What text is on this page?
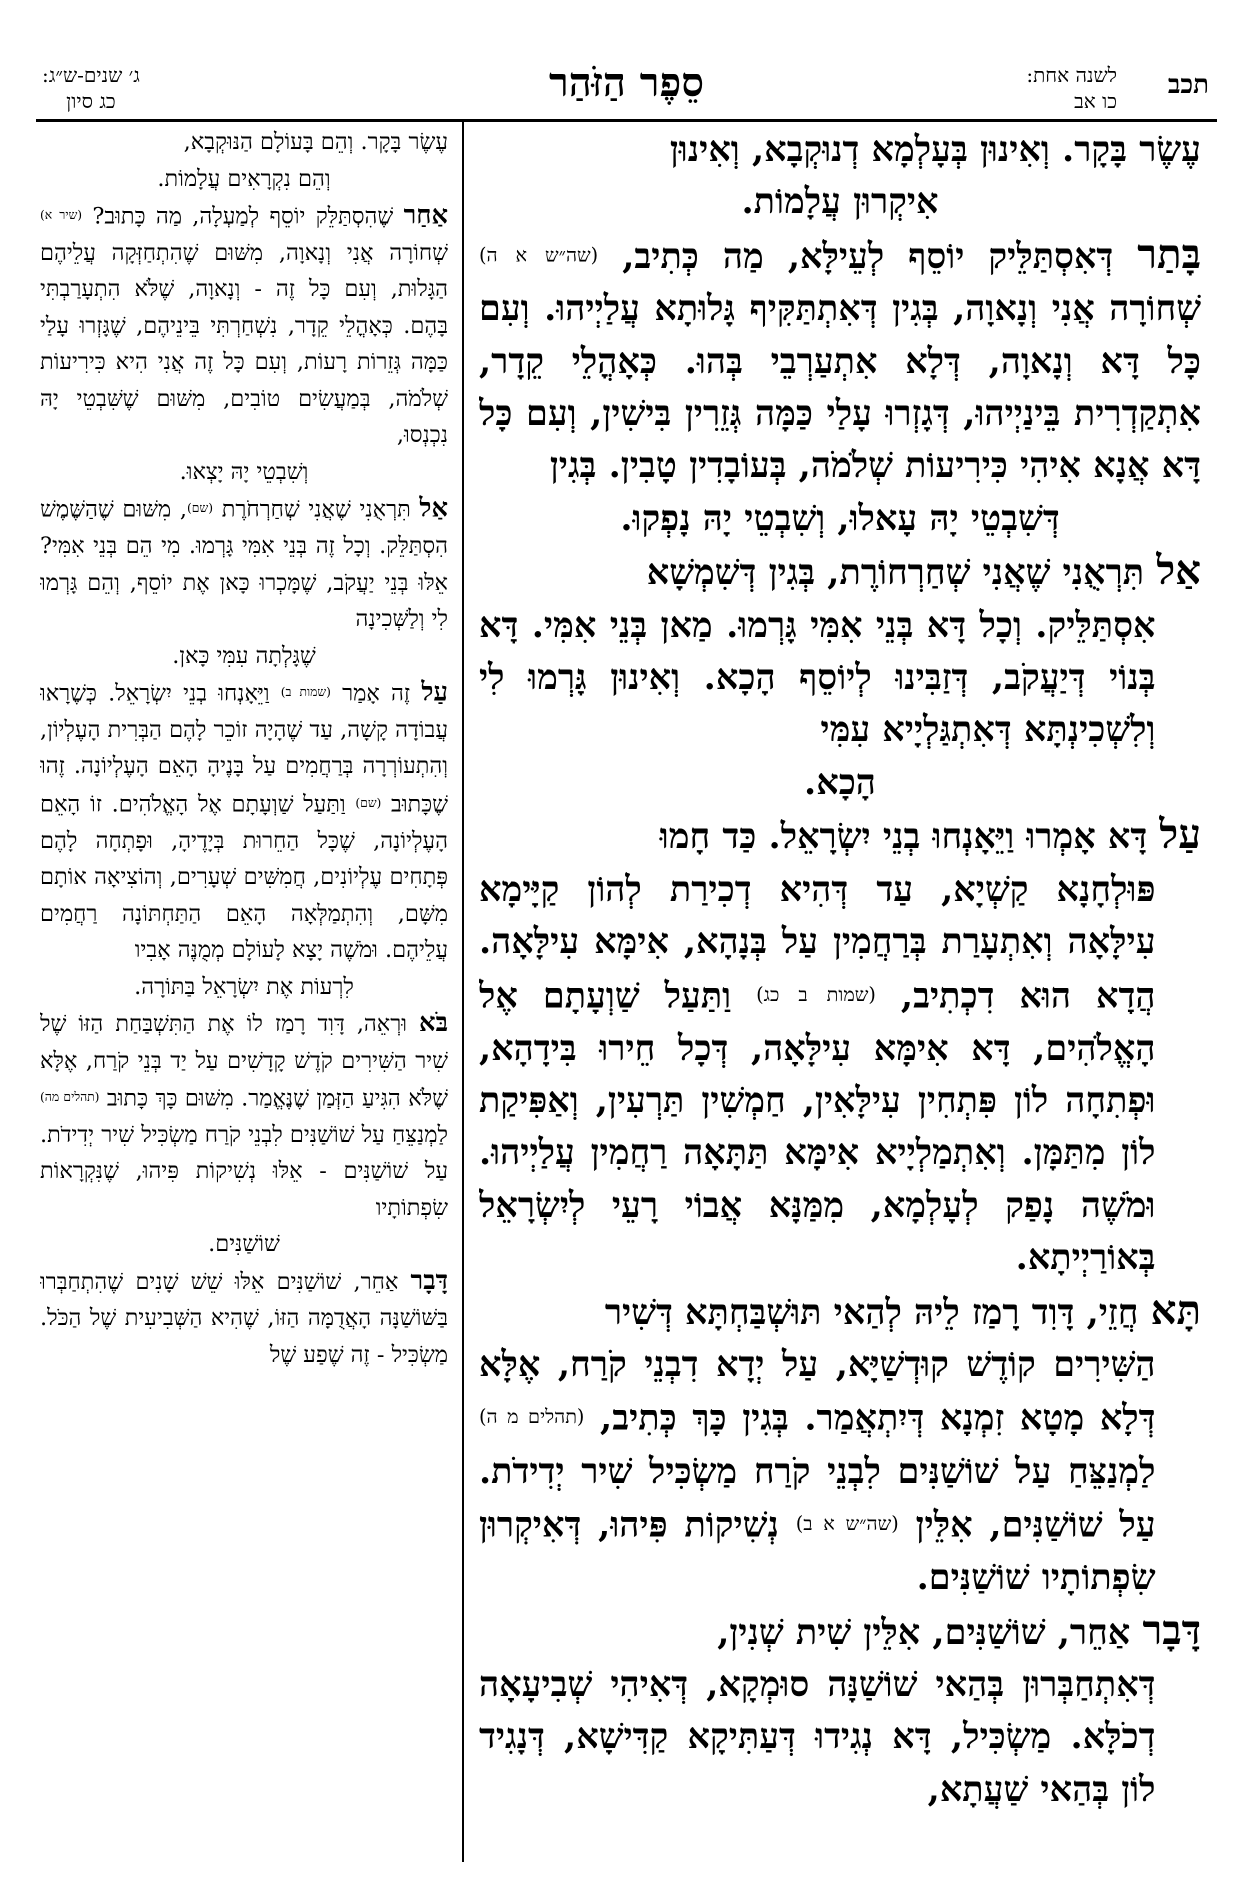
תכב
לשנה אחת:
כו אב
סֵפֶר הַזֹּהַר
ג׳ שנים-ש״ג:
כג סיון

עֶשֶׂר בָּקָר. וְאִינוּן בְּעָלְמָא דְנוּקְבָא, וְאִינוּן

אִיקְרוּן עֲלָמוֹת.

בָּתַר דְּאִסְתַּלֵּיק יוֹסֵף לְעֵילָּא, מַה כְּתִיב, (שה״ש א ה) שְׁחוֹרָה אֲנִי וְנָאוָה, בְּגִין דְּאִתְתַּקִּיף גָּלוּתָא עֲלַיְיהוּ. וְעִם כָּל דָּא וְנָאוָה, דְּלָא אִתְעַרְבֵי בְּהוּ. כְּאָהֳלֵי קֵדָר, אִתְקַדְרִית בֵּינַיְיהוּ, דְּגָזְרוּ עָלַי כַּמָּה גְּזֵרִין בִּישִׁין, וְעִם כָּל דָּא אֲנָא אִיהִי כִּירִיעוֹת שְׁלֹמֹה, בְּעוֹבָדִין טָבִין. בְּגִין

דְּשִׁבְטֵי יָהּ עָאלוּ, וְשִׁבְטֵי יָהּ נָפְקוּ.

אַל תִּרְאֻנִי שֶׁאֲנִי שְׁחַרְחוֹרֶת, בְּגִין דְּשִׁמְשָׁא

אִסְתַּלֵּיק. וְכָל דָּא בְּנֵי אִמִּי גָּרְמוּ. מַאן בְּנֵי אִמִּי. דָּא בְּנוֹי דְּיַעֲקֹב, דְּזַבִּינוּ לְיוֹסֵף הָכָא. וְאִינוּן גָּרְמוּ לִי וְלִשְׁכִינְתָּא דְּאִתְגַּלְיָיא עִמִּי

הָכָא.

עַל דָּא אָמְרוּ וַיֵּאָנְחוּ בְנֵי יִשְׂרָאֵל. כַּד חָמוּ

פּוּלְחָנָא קַשְׁיָא, עַד דְּהִיא דְכִירַת לְהוֹן קַיָּימָא עִילָּאָה וְאִתְעָרַת בְּרַחֲמִין עַל בְּנָהָא, אִימָּא עִילָּאָה. הֲדָא הוּא דִכְתִיב, (שמות ב כג) וַתַּעַל שַׁוְעָתָם אֶל הָאֱלֹהִים, דָּא אִימָּא עִילָּאָה, דְּכָל חֵירוּ בִּידָהָא, וּפְתִחָה לוֹן פִּתְחִין עִילָּאִין, חַמְשִׁין תַּרְעִין, וְאַפִּיקַת לוֹן מִתַּמָּן. וְאִתְמַלְיָיא אִימָּא תַּתָּאָה רַחֲמִין עֲלַיְיהוּ. וּמֹשֶׁה נָפַק לְעָלְמָא, מִמַּנָּא אֲבוֹי רָעֵי לְיִשְׂרָאֵל בְּאוֹרַיְיתָא.

תָּא חֲזֵי, דָּוִד רָמַז לֵיהּ לְהַאי תּוּשְׁבַּחְתָּא דְּשִׁיר

הַשִּׁירִים קוֹדֶשׁ קוּדְשַׁיָּא, עַל יְדָא דִבְנֵי קֹרַח, אֶלָּא דְּלָא מָטָא זִמְנָא דְּיִתְאֲמַר. בְּגִין כָּךְ כְּתִיב, (תהלים מ ה) לַמְנַצֵּחַ עַל שׁוֹשַׁנִּים לִבְנֵי קֹרַח מַשְׂכִּיל שִׁיר יְדִידֹת. עַל שׁוֹשַׁנִּים, אִלֵּין (שה״ש א ב) נְשִׁיקוֹת פִּיהוּ, דְּאִיקְרוּן שִׂפְתוֹתָיו שׁוֹשַׁנִּים.

דָּבָר אַחֵר, שׁוֹשַׁנִּים, אִלֵּין שִׁית שְׁנִין,

דְּאִתְחַבְּרוּן בְּהַאי שׁוֹשַׁנָּה סוּמְקָא, דְּאִיהִי שְׁבִיעָאָה דְכֹלָּא. מַשְׂכִּיל, דָּא נְגִידוּ דְּעַתִּיקָא קַדִּישָׁא, דְּנָגִיד לוֹן בְּהַאי שַׁעֲתָא,

עֶשֶׂר בָּקָר. וְהֵם בָּעוֹלָם הַנּוּקְבָא,

וְהֵם נִקְרָאִים עֲלָמוֹת.

אַחַר שֶׁהִסְתַּלֵּק יוֹסֵף לְמַעְלָה, מַה כָּתוּב? (שיר א) שְׁחוֹרָה אֲנִי וְנָאוָה, מִשּׁוּם שֶׁהִתְחַזְּקָה עֲלֵיהֶם הַגָּלוּת, וְעִם כָּל זֶה - וְנָאוָה, שֶׁלֹּא הִתְעָרַבְתִּי בָּהֶם. כְּאָהֳלֵי קֵדָר, נִשְׁחַרְתִּי בֵּינֵיהֶם, שֶׁגָּזְרוּ עָלַי כַּמָּה גְּזֵרוֹת רָעוֹת, וְעִם כָּל זֶה אֲנִי הִיא כִּירִיעוֹת שְׁלֹמֹה, בְּמַעֲשִׂים טוֹבִים, מִשּׁוּם שֶׁשִּׁבְטֵי יָהּ נִכְנְסוּ,

וְשִׁבְטֵי יָהּ יָצְאוּ.

אַל תִּרְאֻנִי שֶׁאֲנִי שְׁחַרְחֹרֶת (שם), מִשּׁוּם שֶׁהַשֶּׁמֶשׁ הִסְתַּלֵּק. וְכָל זֶה בְּנֵי אִמִּי גָּרְמוּ. מִי הֵם בְּנֵי אִמִּי? אֵלּוּ בְּנֵי יַעֲקֹב, שֶׁמָּכְרוּ כָּאן אֶת יוֹסֵף, וְהֵם גָּרְמוּ לִי וְלַשְּׁכִינָה

שֶׁגָּלְתָה עִמִּי כָּאן.

עַל זֶה אָמַר (שמות ב) וַיֵּאָנְחוּ בְנֵי יִשְׂרָאֵל. כְּשֶׁרָאוּ עֲבוֹדָה קָשָׁה, עַד שֶׁהָיָה זוֹכֵר לָהֶם הַבְּרִית הָעֶלְיוֹן, וְהִתְעוֹרְרָה בְּרַחֲמִים עַל בָּנֶיהָ הָאֵם הָעֶלְיוֹנָה. זֶהוּ שֶׁכָּתוּב (שם) וַתַּעַל שַׁוְעָתָם אֶל הָאֱלֹהִים. זוֹ הָאֵם הָעֶלְיוֹנָה, שֶׁכָּל הַחֵרוּת בְּיָדֶיהָ, וּפָתְחָה לָהֶם פְּתָחִים עֶלְיוֹנִים, חֲמִשִּׁים שְׁעָרִים, וְהוֹצִיאָה אוֹתָם מִשָּׁם, וְהִתְמַלְּאָה הָאֵם הַתַּחְתּוֹנָה רַחֲמִים עֲלֵיהֶם. וּמֹשֶׁה יָצָא לָעוֹלָם מְמֻנֶּה אָבִיו

לִרְעוֹת אֶת יִשְׂרָאֵל בַּתּוֹרָה.

בֹּא וּרְאֵה, דָּוִד רָמַז לוֹ אֶת הַתִּשְׁבַּחַת הַזּוֹ שֶׁל שִׁיר הַשִּׁירִים קֹדֶשׁ קָדָשִׁים עַל יַד בְּנֵי קֹרַח, אֶלָּא שֶׁלֹּא הִגִּיעַ הַזְּמַן שֶׁנֶּאֱמַר. מִשּׁוּם כָּךְ כָּתוּב (תהלים מה) לַמְנַצֵּחַ עַל שׁוֹשַׁנִּים לִבְנֵי קֹרַח מַשְׂכִּיל שִׁיר יְדִידֹת. עַל שׁוֹשַׁנִּים - אֵלּוּ נְשִׁיקוֹת פִּיהוּ, שֶׁנִּקְרָאוֹת שִׂפְתוֹתָיו

שׁוֹשַׁנִּים.

דָּבָר אַחֵר, שׁוֹשַׁנִּים אֵלּוּ שֵׁשׁ שָׁנִים שֶׁהִתְחַבְּרוּ בַּשּׁוֹשַׁנָּה הָאֲדֻמָּה הַזּוֹ, שֶׁהִיא הַשְּׁבִיעִית שֶׁל הַכֹּל. מַשְׂכִּיל - זֶה שֶׁפַע שֶׁל
